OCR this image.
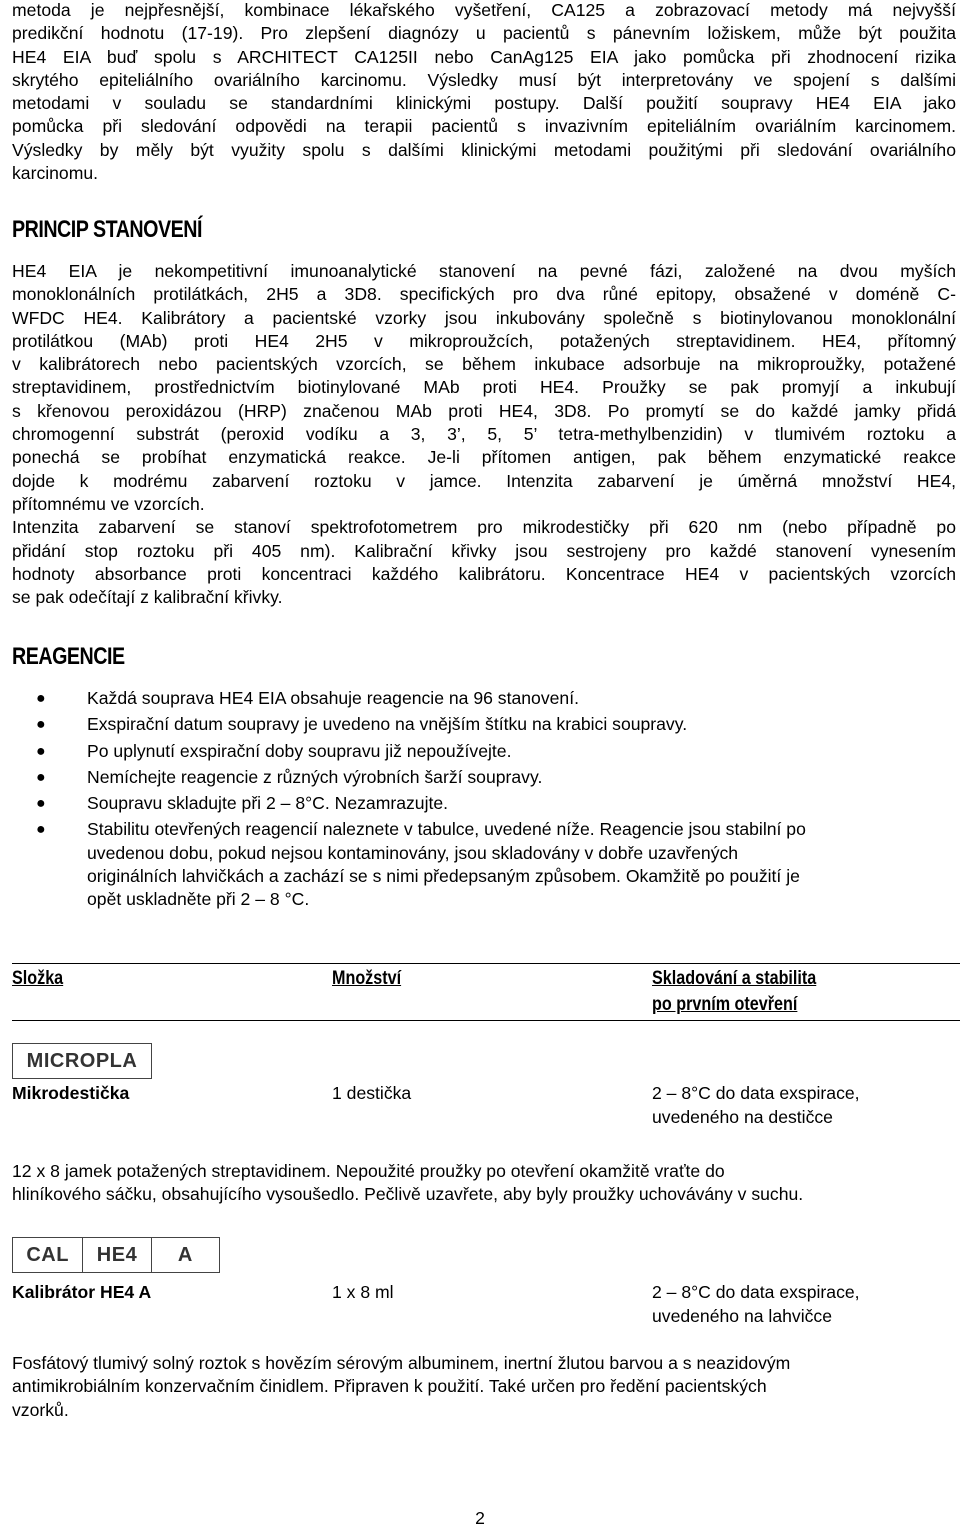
metoda je nejpřesnější, kombinace lékařského vyšetření, CA125 a zobrazovací metody má nejvyšší
predikční hodnotu (17-19). Pro zlepšení diagnózy u pacientů s pánevním ložiskem, může být použita
HE4 EIA buď spolu s ARCHITECT CA125II nebo CanAg125 EIA jako pomůcka při zhodnocení rizika
skrytého epiteliálního ovariálního karcinomu. Výsledky musí být interpretovány ve spojení s dalšími
metodami v souladu se standardními klinickými postupy. Další použití soupravy HE4 EIA jako
pomůcka při sledování odpovědi na terapii pacientů s invazivním epiteliálním ovariálním karcinomem.
Výsledky by měly být využity spolu s dalšími klinickými metodami použitými při sledování ovariálního
karcinomu.
PRINCIP STANOVENÍ
HE4 EIA je nekompetitivní imunoanalytické stanovení na pevné fázi, založené na dvou myších
monoklonálních protilátkách, 2H5 a 3D8. specifických pro dva růné epitopy, obsažené v doméně C-
WFDC HE4. Kalibrátory a pacientské vzorky jsou inkubovány společně s biotinylovanou monoklonální
protilátkou (MAb) proti HE4 2H5 v mikroproužcích, potažených streptavidinem. HE4, přítomný
v kalibrátorech nebo pacientských vzorcích, se během inkubace adsorbuje na mikroproužky, potažené
streptavidinem, prostřednictvím biotinylované MAb proti HE4. Proužky se pak promyjí a inkubují
s křenovou peroxidázou (HRP) značenou MAb proti HE4, 3D8. Po promytí se do každé jamky přidá
chromogenní substrát (peroxid vodíku a 3, 3’, 5, 5’ tetra-methylbenzidin) v tlumivém roztoku a
ponechá se probíhat enzymatická reakce. Je-li přítomen antigen, pak během enzymatické reakce
dojde k modrému zabarvení roztoku v jamce. Intenzita zabarvení je úměrná množství HE4,
přítomnému ve vzorcích.
Intenzita zabarvení se stanoví spektrofotometrem pro mikrodestičky při 620 nm (nebo případně po
přidání stop roztoku při 405 nm). Kalibrační křivky jsou sestrojeny pro každé stanovení vynesením
hodnoty absorbance proti koncentraci každého kalibrátoru. Koncentrace HE4 v pacientských vzorcích
se pak odečítají z kalibrační křivky.
REAGENCIE
● Každá souprava HE4 EIA obsahuje reagencie na 96 stanovení.
● Exspirační datum soupravy je uvedeno na vnějším štítku na krabici soupravy.
● Po uplynutí exspirační doby soupravu již nepoužívejte.
● Nemíchejte reagencie z různých výrobních šarží soupravy.
● Soupravu skladujte při 2 – 8°C. Nezamrazujte.
● Stabilitu otevřených reagencií naleznete v tabulce, uvedené níže. Reagencie jsou stabilní po
uvedenou dobu, pokud nejsou kontaminovány, jsou skladovány v dobře uzavřených
originálních lahvičkách a zachází se s nimi předepsaným způsobem. Okamžitě po použití je
opět uskladněte při 2 – 8 °C.
Složka	Množství	Skladování a stabilita
po prvním otevření
MICROPLA
Mikrodestička	1 destička	2 – 8°C do data exspirace,
uvedeného na destičce
12 x 8 jamek potažených streptavidinem. Nepoužité proužky po otevření okamžitě vraťte do
hliníkového sáčku, obsahujícího vysoušedlo. Pečlivě uzavřete, aby byly proužky uchovávány v suchu.
CAL	HE4	A
Kalibrátor HE4 A	1 x 8 ml	2 – 8°C do data exspirace,
uvedeného na lahvičce
Fosfátový tlumivý solný roztok s hovězím sérovým albuminem, inertní žlutou barvou a s neazidovým
antimikrobiálním konzervačním činidlem. Připraven k použití. Také určen pro ředění pacientských
vzorků.
2
